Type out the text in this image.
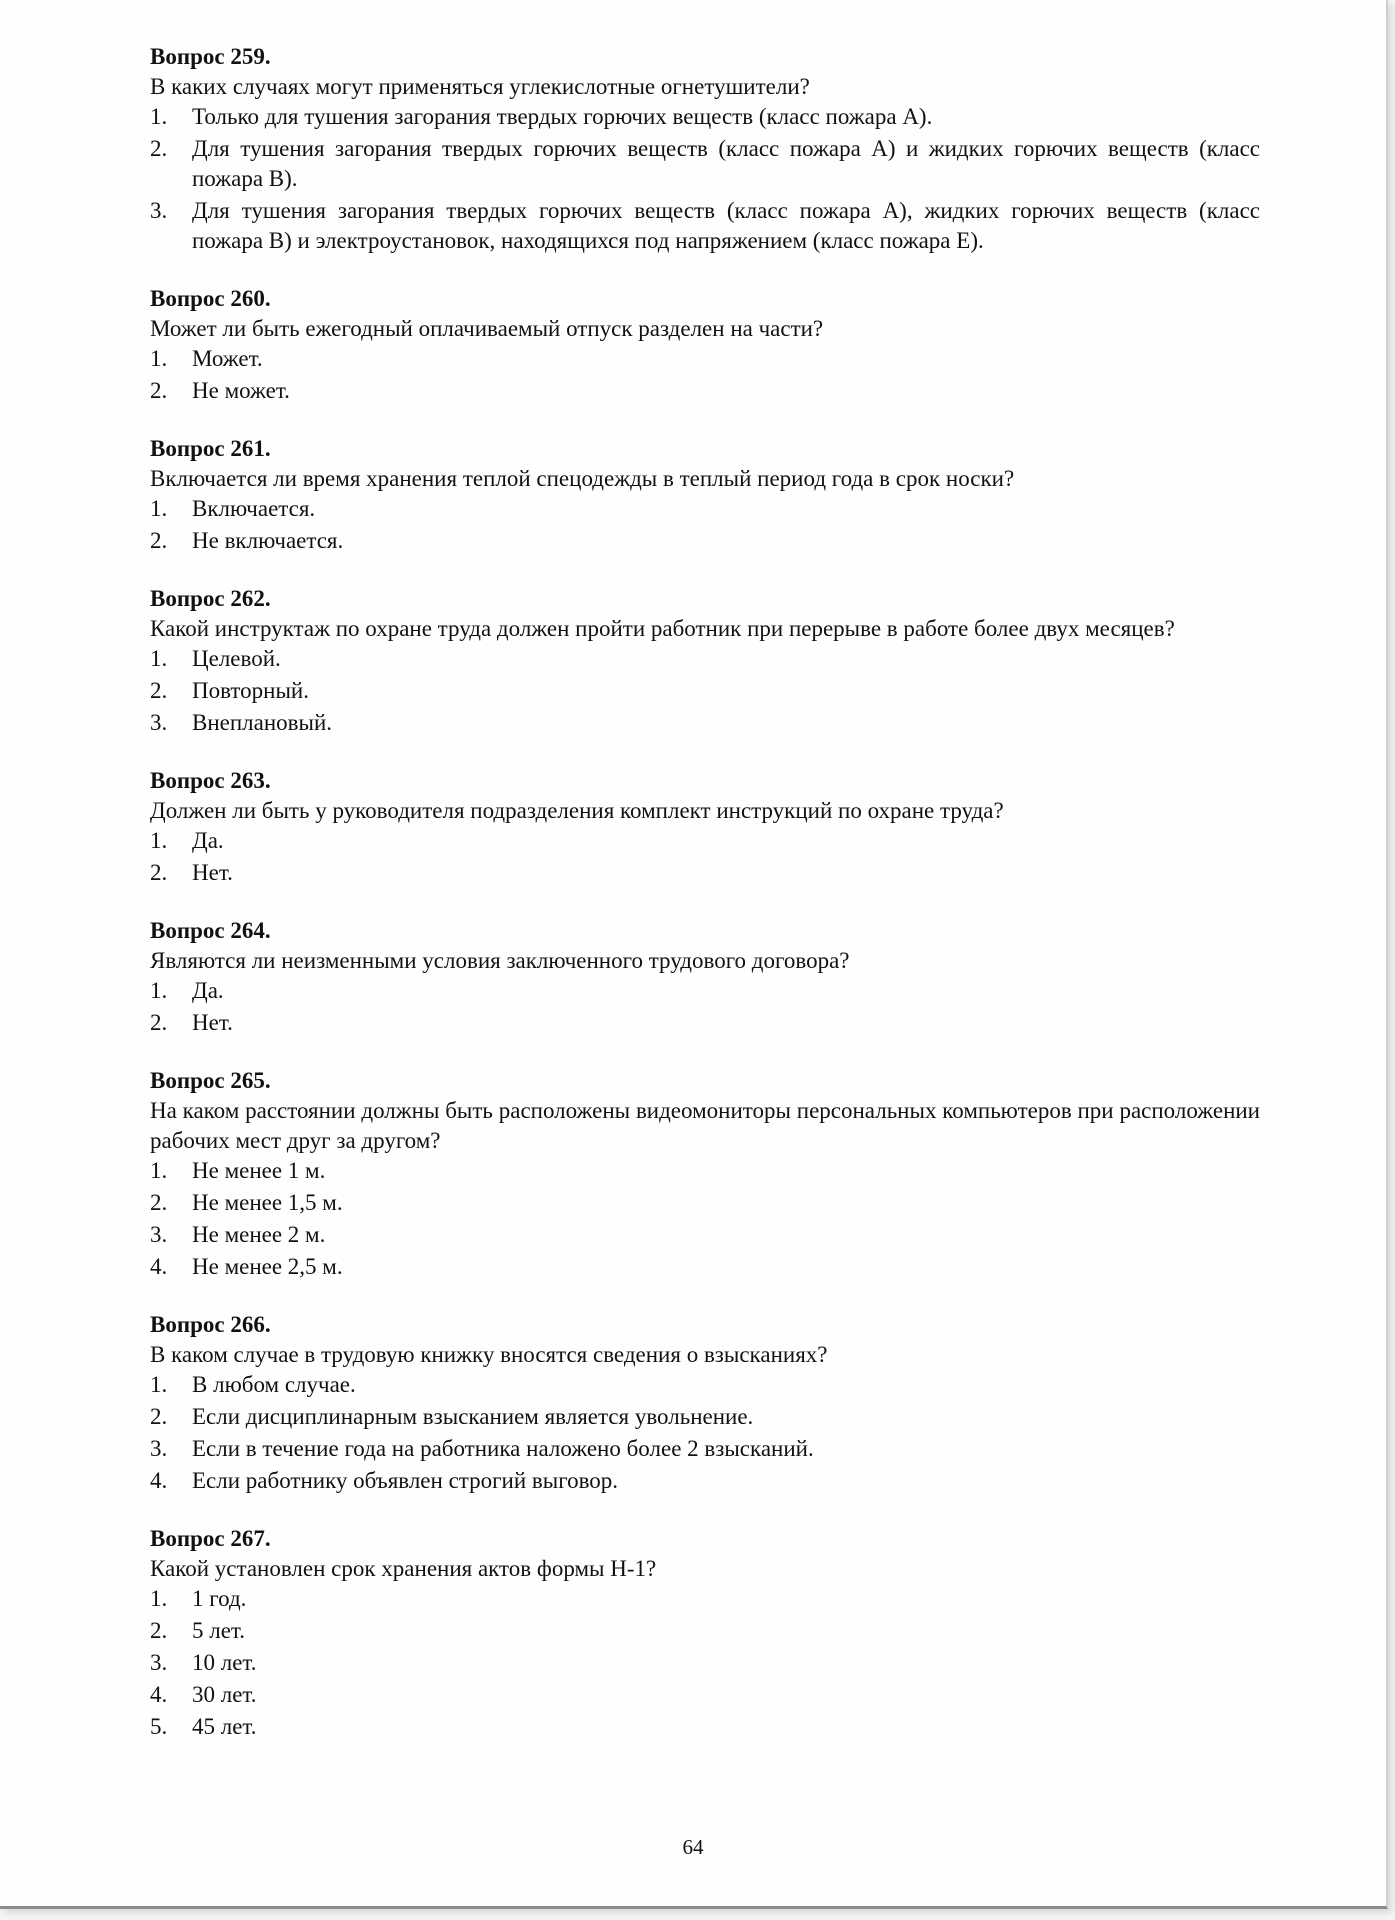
Вопрос 259.
В каких случаях могут применяться углекислотные огнетушители?
1.	Только для тушения загорания твердых горючих веществ (класс пожара А).
2.	Для тушения загорания твердых горючих веществ (класс пожара А) и жидких горючих веществ (класс пожара В).
3.	Для тушения загорания твердых горючих веществ (класс пожара А), жидких горючих веществ (класс пожара В) и электроустановок, находящихся под напряжением (класс пожара Е).
Вопрос 260.
Может ли быть ежегодный оплачиваемый отпуск разделен на части?
1.	Может.
2.	Не может.
Вопрос 261.
Включается ли время хранения теплой спецодежды в теплый период года в срок носки?
1.	Включается.
2.	Не включается.
Вопрос 262.
Какой инструктаж по охране труда должен пройти работник при перерыве в работе более двух месяцев?
1.	Целевой.
2.	Повторный.
3.	Внеплановый.
Вопрос 263.
Должен ли быть у руководителя подразделения комплект инструкций по охране труда?
1.	Да.
2.	Нет.
Вопрос 264.
Являются ли неизменными условия заключенного трудового договора?
1.	Да.
2.	Нет.
Вопрос 265.
На каком расстоянии должны быть расположены видеомониторы персональных компьютеров при расположении рабочих мест друг за другом?
1.	Не менее 1 м.
2.	Не менее 1,5 м.
3.	Не менее 2 м.
4.	Не менее 2,5 м.
Вопрос 266.
В каком случае в трудовую книжку вносятся сведения о взысканиях?
1.	В любом случае.
2.	Если дисциплинарным взысканием является увольнение.
3.	Если в течение года на работника наложено более 2 взысканий.
4.	Если работнику объявлен строгий выговор.
Вопрос 267.
Какой установлен срок хранения актов формы Н-1?
1.	1 год.
2.	5 лет.
3.	10 лет.
4.	30 лет.
5.	45 лет.
64
